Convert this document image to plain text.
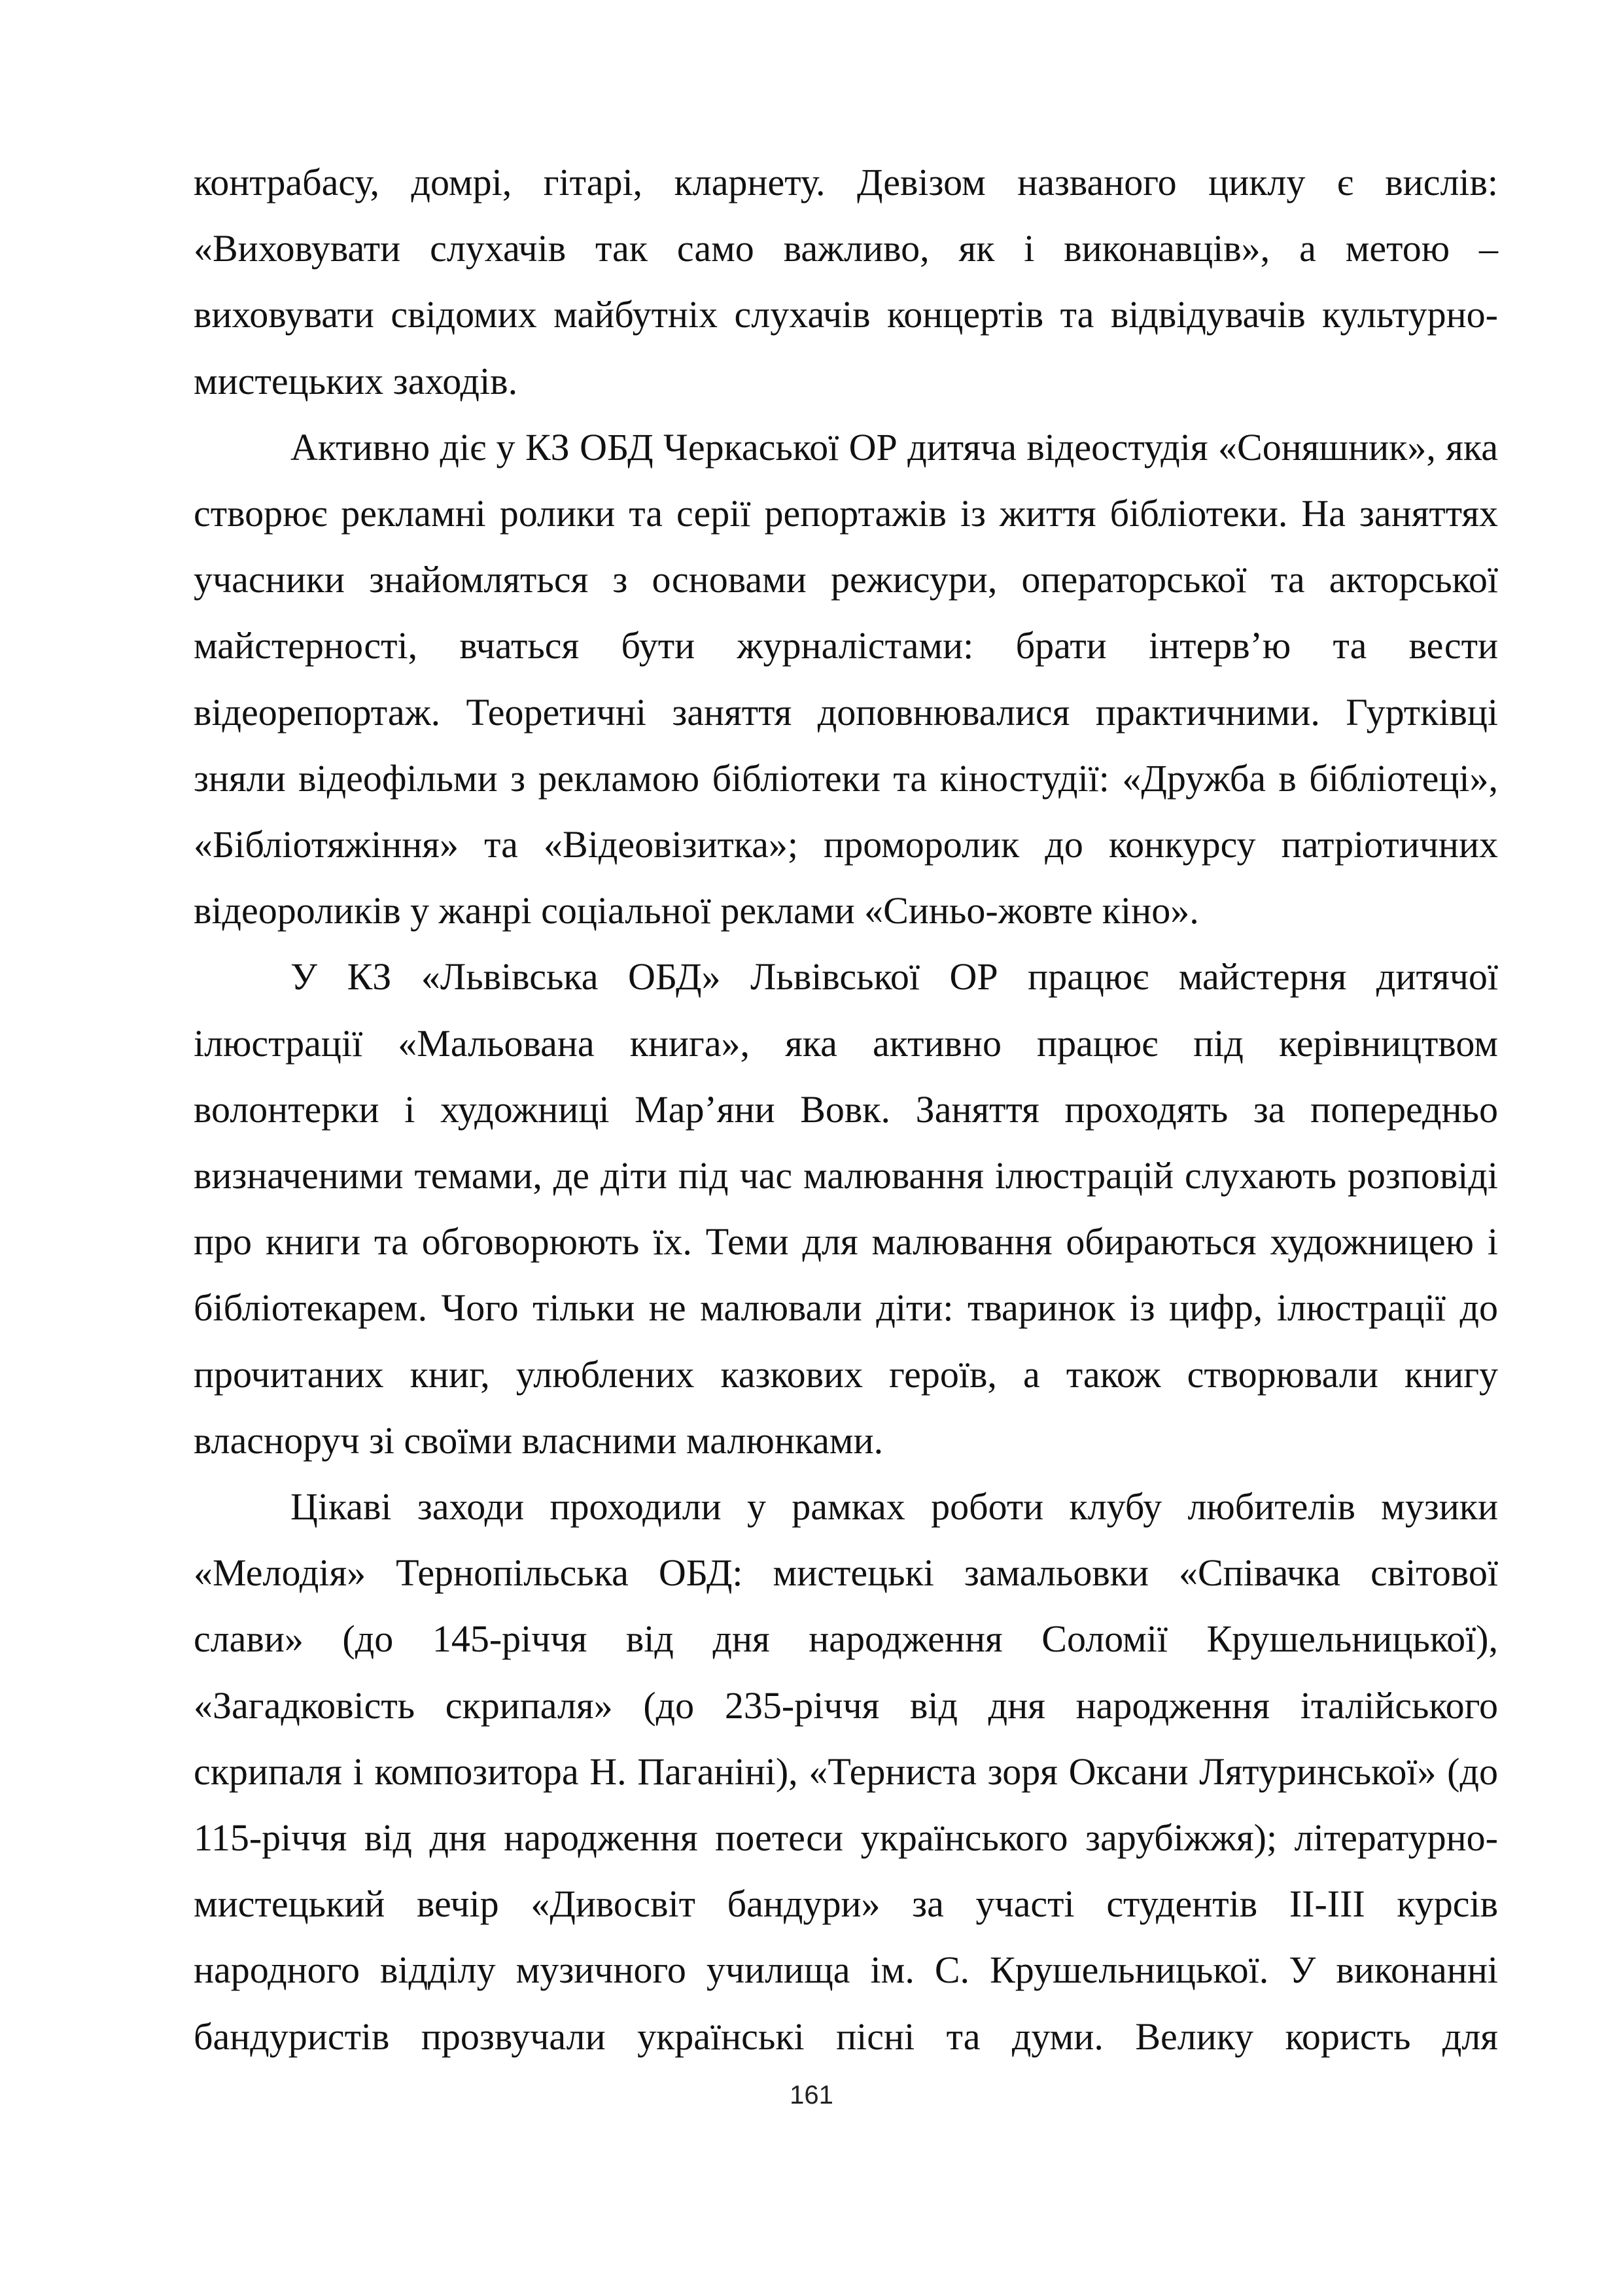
контрабасу, домрі, гітарі, кларнету. Девізом названого циклу є вислів:
«Виховувати слухачів так само важливо, як і виконавців», а метою –
виховувати свідомих майбутніх слухачів концертів та відвідувачів культурно-
мистецьких заходів.
Активно діє у КЗ ОБД Черкаської ОР дитяча відеостудія «Соняшник», яка
створює рекламні ролики та серії репортажів із життя бібліотеки. На заняттях
учасники знайомляться з основами режисури, операторської та акторської
майстерності, вчаться бути журналістами: брати інтерв’ю та вести
відеорепортаж. Теоретичні заняття доповнювалися практичними. Гуртківці
зняли відеофільми з рекламою бібліотеки та кіностудії: «Дружба в бібліотеці»,
«Бібліотяжіння» та «Відеовізитка»; проморолик до конкурсу патріотичних
відеороликів у жанрі соціальної реклами «Синьо-жовте кіно».
У КЗ «Львівська ОБД» Львівської ОР працює майстерня дитячої
ілюстрації «Мальована книга», яка активно працює під керівництвом
волонтерки і художниці Мар’яни Вовк. Заняття проходять за попередньо
визначеними темами, де діти під час малювання ілюстрацій слухають розповіді
про книги та обговорюють їх. Теми для малювання обираються художницею і
бібліотекарем. Чого тільки не малювали діти: тваринок із цифр, ілюстрації до
прочитаних книг, улюблених казкових героїв, а також створювали книгу
власноруч зі своїми власними малюнками.
Цікаві заходи проходили у рамках роботи клубу любителів музики
«Мелодія» Тернопільська ОБД: мистецькі замальовки «Співачка світової
слави» (до 145-річчя від дня народження Соломії Крушельницької),
«Загадковість скрипаля» (до 235-річчя від дня народження італійського
скрипаля і композитора Н. Паганіні), «Терниста зоря Оксани Лятуринської» (до
115-річчя від дня народження поетеси українського зарубіжжя); літературно-
мистецький вечір «Дивосвіт бандури» за участі студентів ІІ-ІІІ курсів
народного відділу музичного училища ім. С. Крушельницької. У виконанні
бандуристів прозвучали українські пісні та думи. Велику користь для
161
